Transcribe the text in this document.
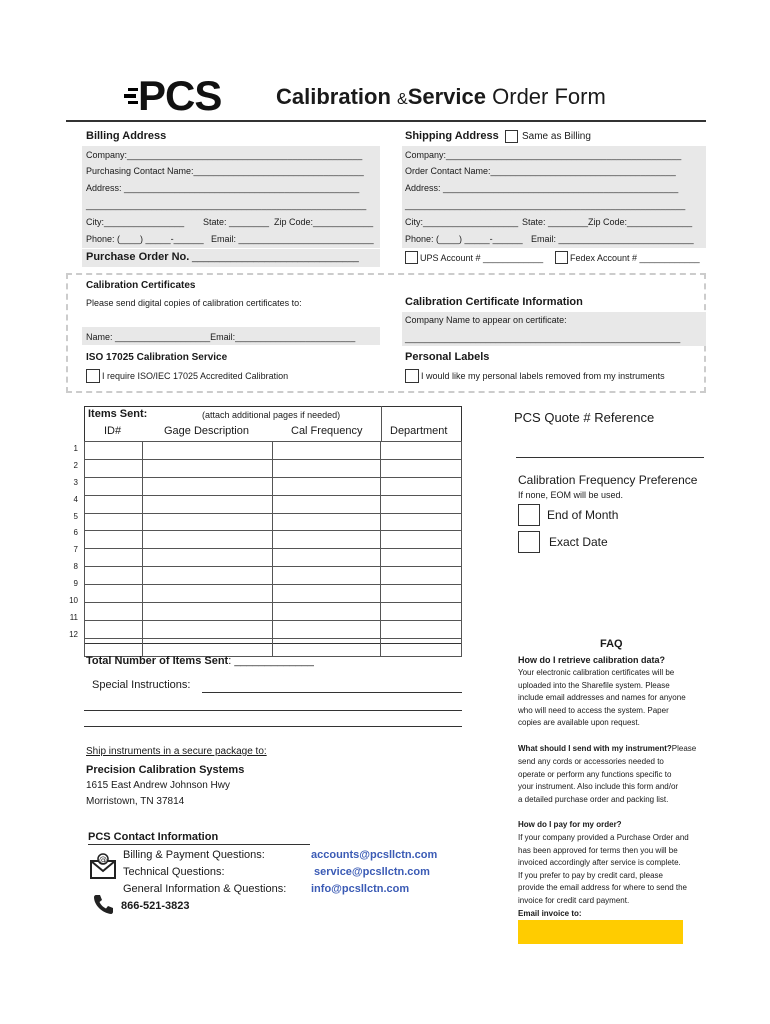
PCS Calibration &Service Order Form
Billing Address
Company:_______________________________________________
Purchasing Contact Name:__________________________________
Address: _______________________________________________
________________________________________________________
City:________________ State: ________ Zip Code:____________
Phone: (____) _____-______ Email: ___________________________
Shipping Address Same as Billing
Company:_______________________________________________
Order Contact Name:_____________________________________
Address: _______________________________________________
________________________________________________________
City:___________________ State: ________ Zip Code:_____________
Phone: (____) _____-______ Email: ___________________________
Purchase Order No. ______________________________	UPS Account # ____________	Fedex Account # ____________
Calibration Certificates
Please send digital copies of calibration certificates to:
Name: ___________________Email:________________________
Calibration Certificate Information
Company Name to appear on certificate:
_______________________________________________________
ISO 17025 Calibration Service
I require ISO/IEC 17025 Accredited Calibration
Personal Labels
I would like my personal labels removed from my instruments
Items Sent:	(attach additional pages if needed)
ID#	Gage Description	Cal Frequency Department

1
2
3
4
5
6
7
8
9
10
11
12
PCS Quote # Reference
Calibration Frequency Preference
If none, EOM will be used.
End of Month
Exact Date
Total Number of Items Sent: _____________
Special Instructions:
Ship instruments in a secure package to:
Precision Calibration Systems
1615 East Andrew Johnson Hwy
Morristown, TN 37814
PCS Contact Information
@ Billing & Payment Questions:	accounts@pcsllctn.com
Technical Questions:	service@pcsllctn.com
General Information & Questions: info@pcsllctn.com
866-521-3823
FAQ
How do I retrieve calibration data?
Your electronic calibration certificates will be
uploaded into the Sharefile system. Please
include email addresses and names for anyone
who will need to access the system. Paper
copies are available upon request.
What should I send with my instrument?Please
send any cords or accessories needed to
operate or perform any functions specific to
your instrument. Also include this form and/or
a detailed purchase order and packing list.
How do I pay for my order?
If your company provided a Purchase Order and
has been approved for terms then you will be
invoiced accordingly after service is complete.
If you prefer to pay by credit card, please
provide the email address for where to send the
invoice for credit card payment.
Email invoice to:
